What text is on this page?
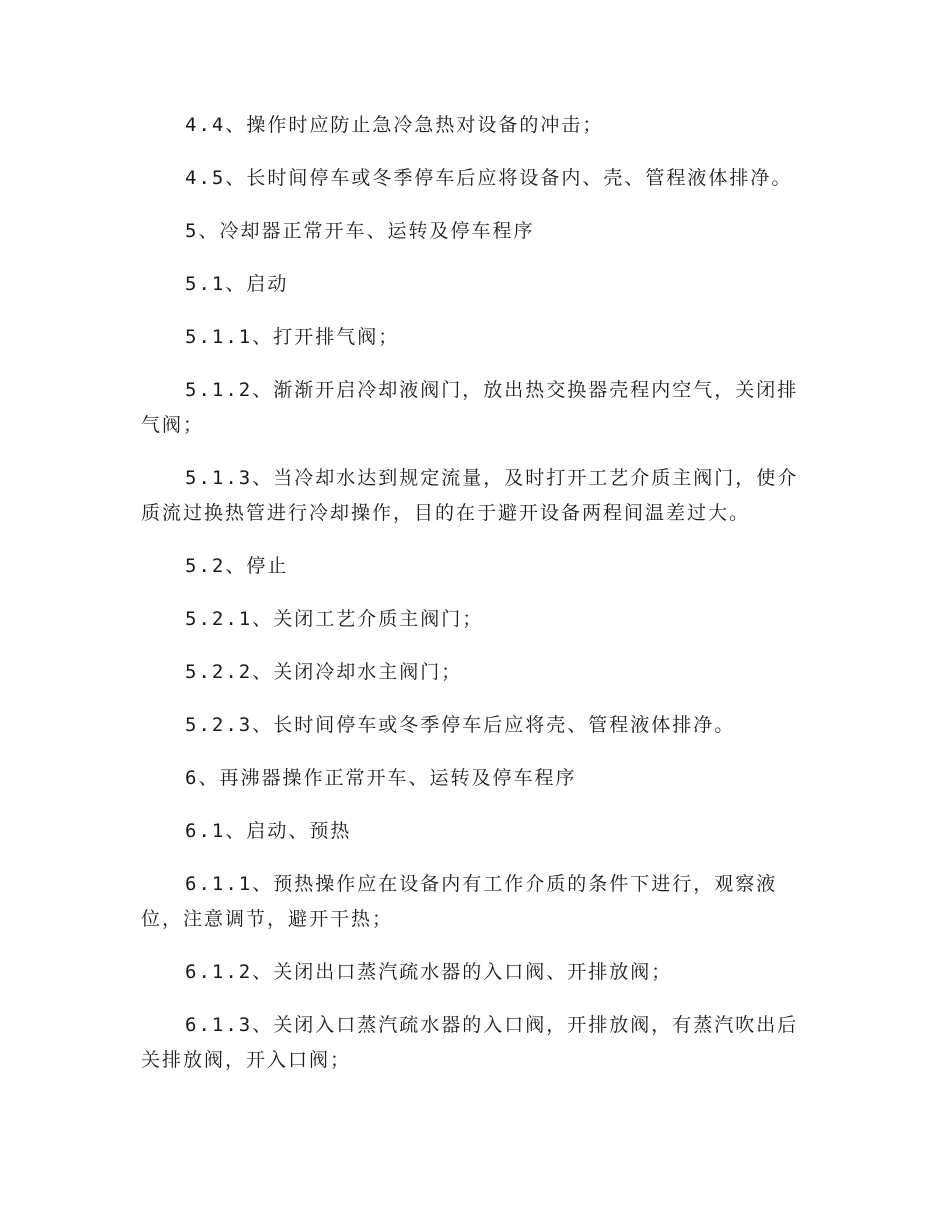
4.4、操作时应防止急冷急热对设备的冲击；

4.5、长时间停车或冬季停车后应将设备内、壳、管程液体排净。

5、冷却器正常开车、运转及停车程序

5.1、启动

5.1.1、打开排气阀；

5.1.2、渐渐开启冷却液阀门，放出热交换器壳程内空气，关闭排气阀；

5.1.3、当冷却水达到规定流量，及时打开工艺介质主阀门，使介质流过换热管进行冷却操作，目的在于避开设备两程间温差过大。

5.2、停止

5.2.1、关闭工艺介质主阀门；

5.2.2、关闭冷却水主阀门；

5.2.3、长时间停车或冬季停车后应将壳、管程液体排净。

6、再沸器操作正常开车、运转及停车程序

6.1、启动、预热

6.1.1、预热操作应在设备内有工作介质的条件下进行，观察液位，注意调节，避开干热；

6.1.2、关闭出口蒸汽疏水器的入口阀、开排放阀；

6.1.3、关闭入口蒸汽疏水器的入口阀，开排放阀，有蒸汽吹出后关排放阀，开入口阀；
